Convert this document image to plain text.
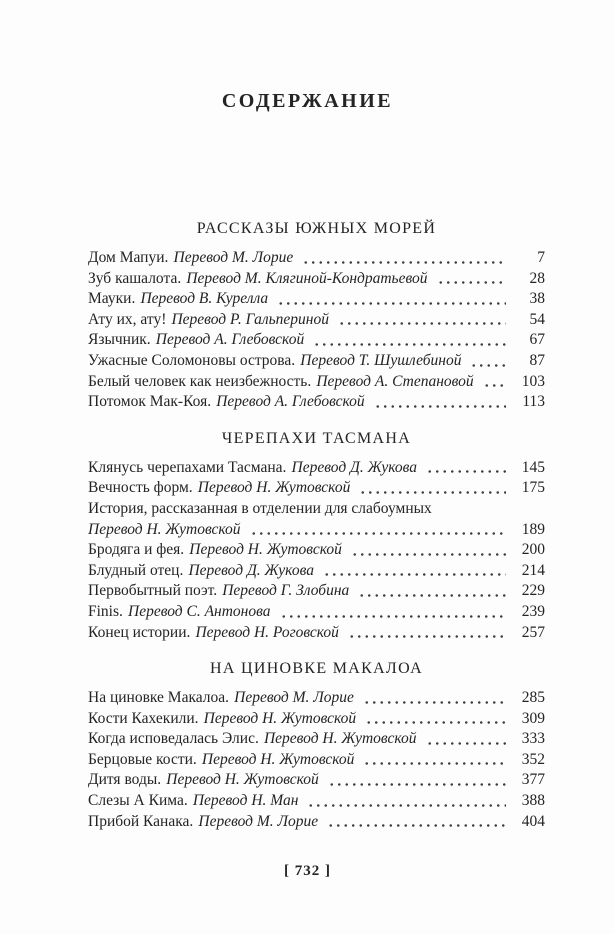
СОДЕРЖАНИЕ
РАССКАЗЫ ЮЖНЫХ МОРЕЙ
Дом Мапуи. Перевод М. Лорие	7
Зуб кашалота. Перевод М. Клягиной-Кондратьевой	28
Мауки. Перевод В. Курелла	38
Ату их, ату! Перевод Р. Гальпериной	54
Язычник. Перевод А. Глебовской	67
Ужасные Соломоновы острова. Перевод Т. Шушлебиной	87
Белый человек как неизбежность. Перевод А. Степановой	103
Потомок Мак-Коя. Перевод А. Глебовской	113
ЧЕРЕПАХИ ТАСМАНА
Клянусь черепахами Тасмана. Перевод Д. Жукова	145
Вечность форм. Перевод Н. Жутовской	175
История, рассказанная в отделении для слабоумных
Перевод Н. Жутовской	189
Бродяга и фея. Перевод Н. Жутовской	200
Блудный отец. Перевод Д. Жукова	214
Первобытный поэт. Перевод Г. Злобина	229
Finis. Перевод С. Антонова	239
Конец истории. Перевод Н. Роговской	257
НА ЦИНОВКЕ МАКАЛОА
На циновке Макалоа. Перевод М. Лорие	285
Кости Кахекили. Перевод Н. Жутовской	309
Когда исповедалась Элис. Перевод Н. Жутовской	333
Берцовые кости. Перевод Н. Жутовской	352
Дитя воды. Перевод Н. Жутовской	377
Слезы А Кима. Перевод Н. Ман	388
Прибой Канака. Перевод М. Лорие	404
[ 732 ]
